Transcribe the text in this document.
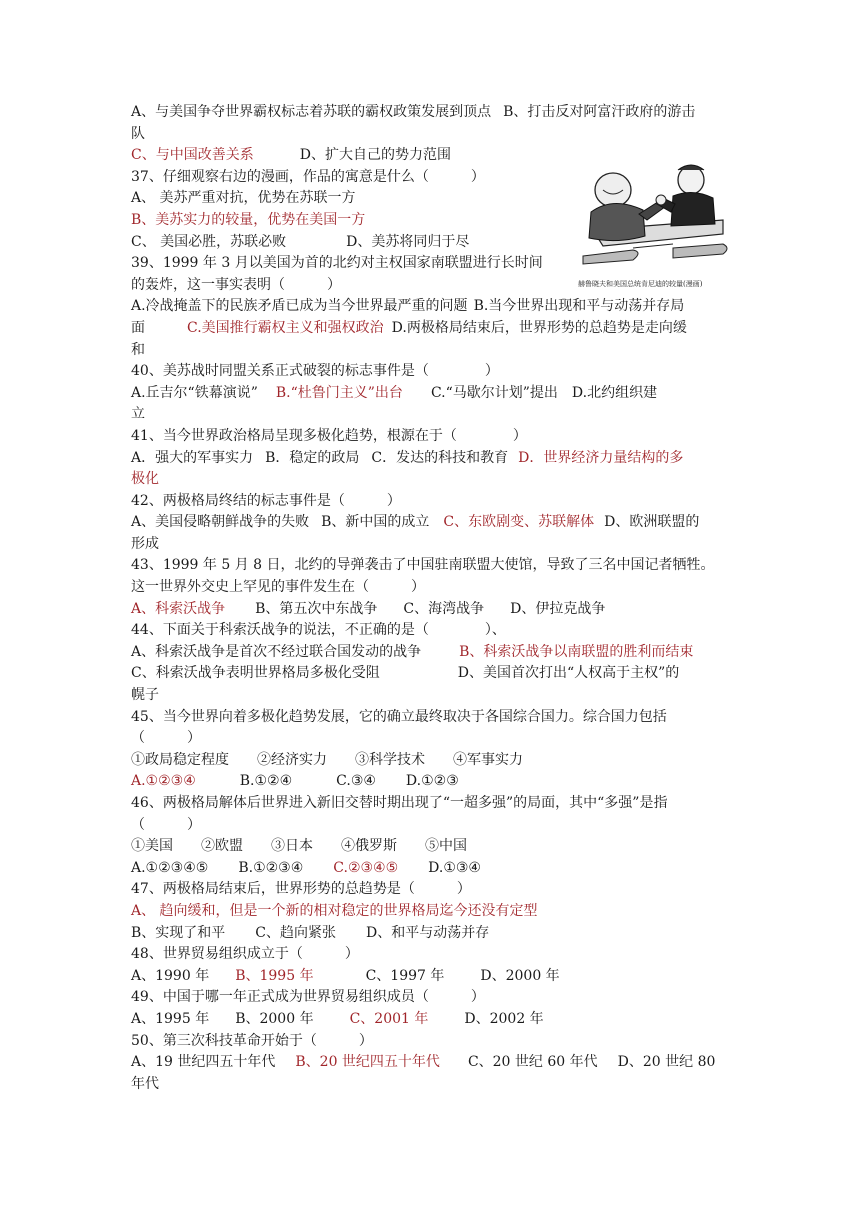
A、与美国争夺世界霸权标志着苏联的霸权政策发展到顶点 B、打击反对阿富汗政府的游击
队
C、与中国改善关系	D、扩大自己的势力范围
37、仔细观察右边的漫画，作品的寓意是什么（　　　）
A、 美苏严重对抗，优势在苏联一方
B、美苏实力的较量，优势在美国一方
C、 美国必胜，苏联必败	D、美苏将同归于尽
39、1999 年 3 月以美国为首的北约对主权国家南联盟进行长时间
的轰炸，这一事实表明（　　　）
A.冷战掩盖下的民族矛盾已成为当今世界最严重的问题 B.当今世界出现和平与动荡并存局
面	C.美国推行霸权主义和强权政治 D.两极格局结束后，世界形势的总趋势是走向缓
和
40、美苏战时同盟关系正式破裂的标志事件是（　　　　）
A.丘吉尔“铁幕演说” B.“杜鲁门主义”出台 C.“马歇尔计划”提出 D.北约组织建
立
41、当今世界政治格局呈现多极化趋势，根源在于（　　　　）
A．强大的军事实力 B．稳定的政局 C．发达的科技和教育 D．世界经济力量结构的多
极化
42、两极格局终结的标志事件是（　　　）
A、美国侵略朝鲜战争的失败 B、新中国的成立 C、东欧剧变、苏联解体 D、欧洲联盟的
形成
43、1999 年 5 月 8 日，北约的导弹袭击了中国驻南联盟大使馆，导致了三名中国记者牺牲。
这一世界外交史上罕见的事件发生在（　　　）
A、科索沃战争 B、第五次中东战争 C、海湾战争 D、伊拉克战争
44、下面关于科索沃战争的说法，不正确的是（　　　　）、
A、科索沃战争是首次不经过联合国发动的战争	B、科索沃战争以南联盟的胜利而结束
C、科索沃战争表明世界格局多极化受阻	D、美国首次打出“人权高于主权”的
幌子
45、当今世界向着多极化趋势发展，它的确立最终取决于各国综合国力。综合国力包括
（　　　）
①政局稳定程度 ②经济实力 ③科学技术 ④军事实力
A.①②③④	B.①②④	C.③④ D.①②③
46、两极格局解体后世界进入新旧交替时期出现了“一超多强”的局面，其中“多强”是指
（　　　）
①美国 ②欧盟 ③日本 ④俄罗斯 ⑤中国
A.①②③④⑤ B.①②③④ C.②③④⑤ D.①③④
47、两极格局结束后，世界形势的总趋势是（　　　）
A、 趋向缓和，但是一个新的相对稳定的世界格局迄今还没有定型
B、实现了和平 C、趋向紧张 D、和平与动荡并存
48、世界贸易组织成立于（　　　）
A、1990 年 B、1995 年	C、1997 年	D、2000 年
49、中国于哪一年正式成为世界贸易组织成员（　　　）
A、1995 年 B、2000 年	C、2001 年	D、2002 年
50、第三次科技革命开始于（　　　）
A、19 世纪四五十年代 B、20 世纪四五十年代 C、20 世纪 60 年代 D、20 世纪 80
年代
赫鲁晓夫和美国总统肯尼迪的较量(漫画)
